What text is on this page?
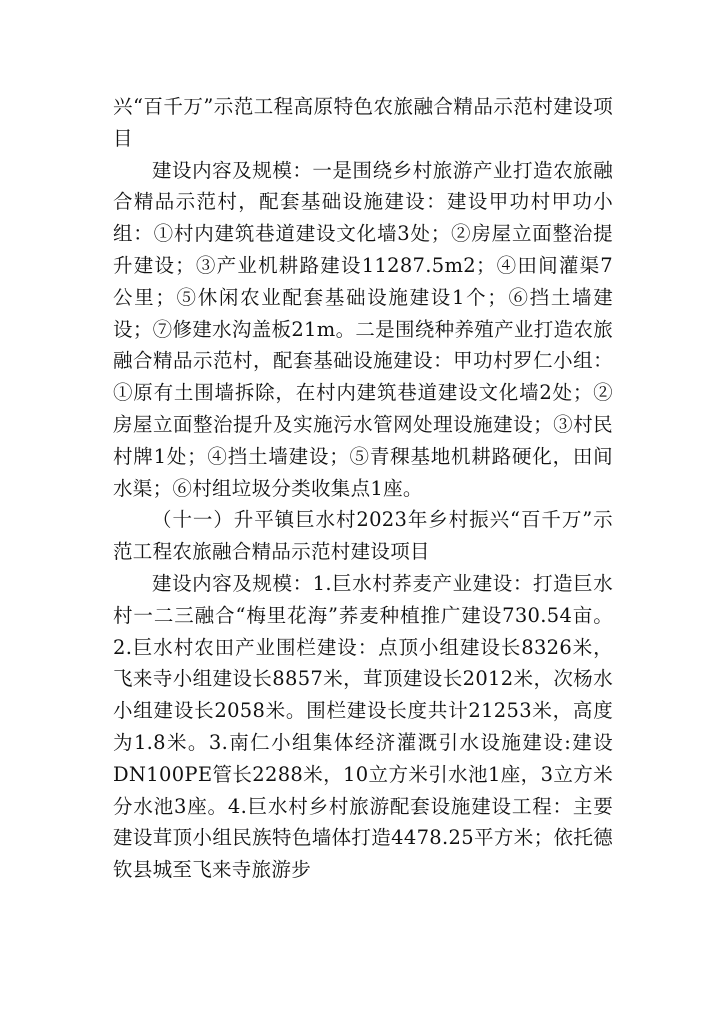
兴“百千万”示范工程高原特色农旅融合精品示范村建设项目

建设内容及规模：一是围绕乡村旅游产业打造农旅融合精品示范村，配套基础设施建设：建设甲功村甲功小组：①村内建筑巷道建设文化墙3处；②房屋立面整治提升建设；③产业机耕路建设11287.5m2；④田间灌渠7公里；⑤休闲农业配套基础设施建设1个；⑥挡土墙建设；⑦修建水沟盖板21m。二是围绕种养殖产业打造农旅融合精品示范村，配套基础设施建设：甲功村罗仁小组：①原有土围墙拆除，在村内建筑巷道建设文化墙2处；②房屋立面整治提升及实施污水管网处理设施建设；③村民村牌1处；④挡土墙建设；⑤青稞基地机耕路硬化，田间水渠；⑥村组垃圾分类收集点1座。

（十一）升平镇巨水村2023年乡村振兴“百千万”示范工程农旅融合精品示范村建设项目

建设内容及规模：1.巨水村荞麦产业建设：打造巨水村一二三融合“梅里花海”荞麦种植推广建设730.54亩。2.巨水村农田产业围栏建设：点顶小组建设长8326米，飞来寺小组建设长8857米，茸顶建设长2012米，次杨水小组建设长2058米。围栏建设长度共计21253米，高度为1.8米。3.南仁小组集体经济灌溉引水设施建设:建设DN100PE管长2288米，10立方米引水池1座，3立方米分水池3座。4.巨水村乡村旅游配套设施建设工程：主要建设茸顶小组民族特色墙体打造4478.25平方米；依托德钦县城至飞来寺旅游步
